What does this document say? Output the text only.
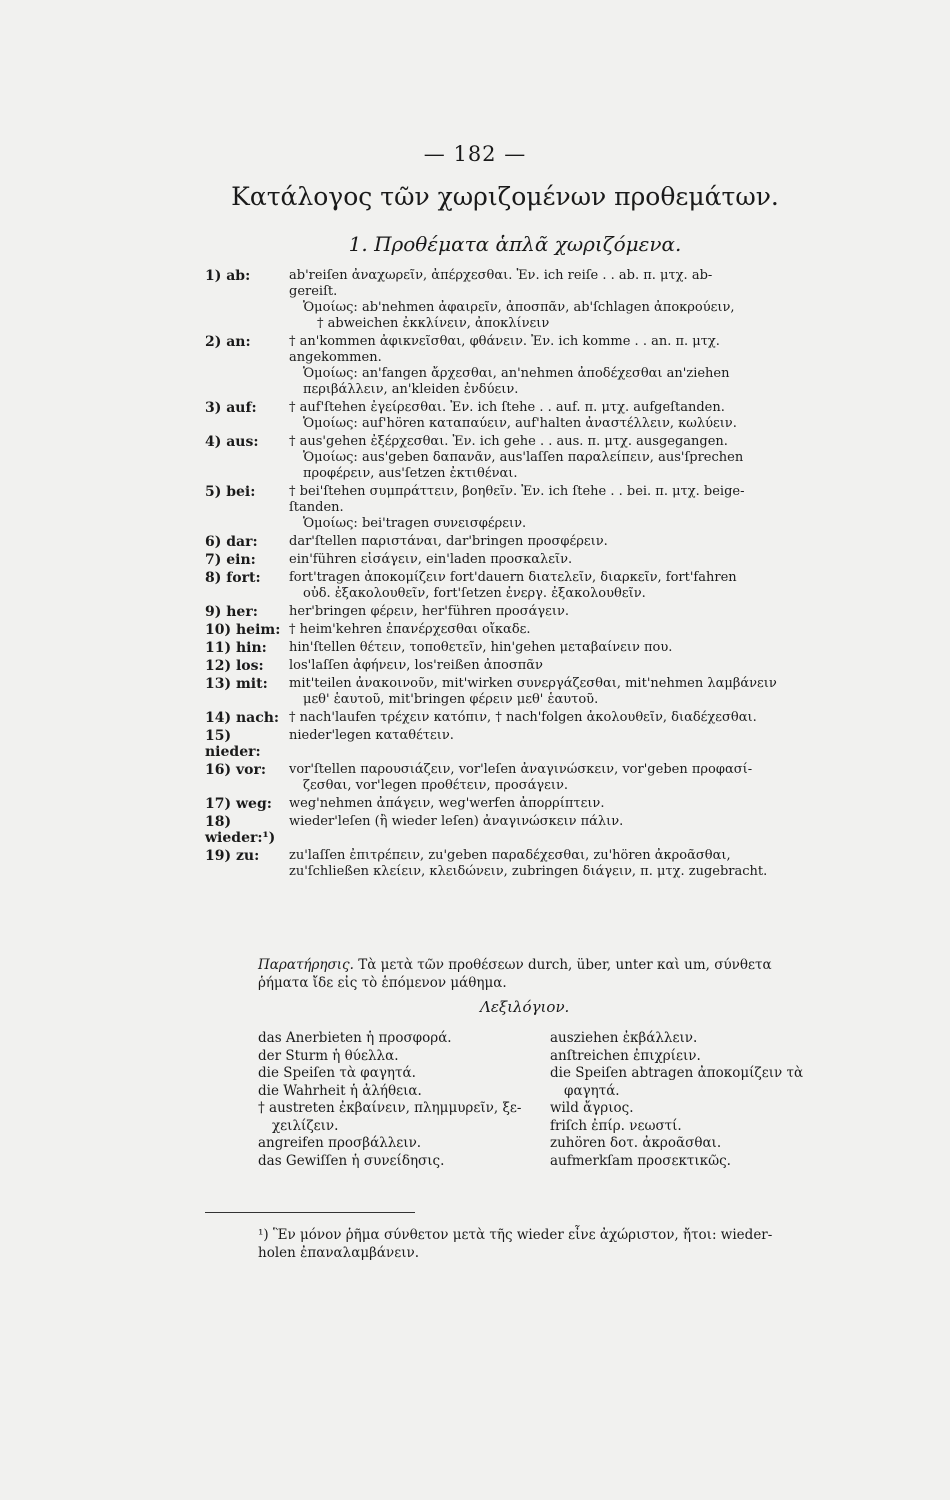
— 182 —
Κατάλογος τῶν χωριζομένων προθεμάτων.
1. Προθέματα ἁπλᾶ χωριζόμενα.
1) ab:	ab'reiſen ἀναχωρεῖν, ἀπέρχεσθαι. Ἐν. ich reiſe . . ab. π. μτχ. ab-
gereiſt.
Ὁμοίως: ab'nehmen ἀφαιρεῖν, ἀποσπᾶν, ab'ſchlagen ἀποκρούειν,
† abweichen ἐκκλίνειν, ἀποκλίνειν
2) an:	† an'kommen ἀφικνεῖσθαι, φθάνειν. Ἐν. ich komme . . an. π. μτχ.
angekommen.
Ὁμοίως: an'fangen ἄρχεσθαι, an'nehmen ἀποδέχεσθαι an'ziehen
περιβάλλειν, an'kleiden ἐνδύειν.
3) auf:	† auf'ſtehen ἐγείρεσθαι. Ἐν. ich ſtehe . . auf. π. μτχ. aufgeſtanden.
Ὁμοίως: auf'hören καταπαύειν, auf'halten ἀναστέλλειν, κωλύειν.
4) aus:	† aus'gehen ἐξέρχεσθαι. Ἐν. ich gehe . . aus. π. μτχ. ausgegangen.
Ὁμοίως: aus'geben δαπανᾶν, aus'laſſen παραλείπειν, aus'ſprechen
προφέρειν, aus'ſetzen ἐκτιθέναι.
5) bei:	† bei'ſtehen συμπράττειν, βοηθεῖν. Ἐν. ich ſtehe . . bei. π. μτχ. beige-
ſtanden.
Ὁμοίως: bei'tragen συνεισφέρειν.
6) dar:	dar'ſtellen παριστάναι, dar'bringen προσφέρειν.
7) ein:	ein'führen εἰσάγειν, ein'laden προσκαλεῖν.
8) fort:	fort'tragen ἀποκομίζειν fort'dauern διατελεῖν, διαρκεῖν, fort'fahren
οὐδ. ἐξακολουθεῖν, fort'ſetzen ἐνεργ. ἐξακολουθεῖν.
9) her:	her'bringen φέρειν, her'führen προσάγειν.
10) heim: † heim'kehren ἐπανέρχεσθαι οἴκαδε.
11) hin:	hin'ſtellen θέτειν, τοποθετεῖν, hin'gehen μεταβαίνειν που.
12) los:	los'laſſen ἀφήνειν, los'reißen ἀποσπᾶν
13) mit:	mit'teilen ἀνακοινοῦν, mit'wirken συνεργάζεσθαι, mit'nehmen λαμβάνειν
μεθ' ἑαυτοῦ, mit'bringen φέρειν μεθ' ἑαυτοῦ.
14) nach: † nach'laufen τρέχειν κατόπιν, † nach'folgen ἀκολουθεῖν, διαδέχεσθαι.
15) nieder:
nieder'legen καταθέτειν.
16) vor:	vor'ſtellen παρουσιάζειν, vor'leſen ἀναγινώσκειν, vor'geben προφασί-
ζεσθαι, vor'legen προθέτειν, προσάγειν.
17) weg:	weg'nehmen ἀπάγειν, weg'werfen ἀπορρίπτειν.
18) wieder:¹)
wieder'leſen (ἢ wieder leſen) ἀναγινώσκειν πάλιν.
19) zu:	zu'laſſen ἐπιτρέπειν, zu'geben παραδέχεσθαι, zu'hören ἀκροᾶσθαι,
zu'ſchließen κλείειν, κλειδώνειν, zubringen διάγειν, π. μτχ. zugebracht.
Παρατήρησις. Τὰ μετὰ τῶν προθέσεων durch, über, unter καὶ um, σύνθετα
ῥήματα ἴδε εἰς τὸ ἑπόμενον μάθημα.
Λεξιλόγιον.
das Anerbieten ἡ προσφορά.
der Sturm ἡ θύελλα.
die Speiſen τὰ φαγητά.
die Wahrheit ἡ ἀλήθεια.
† austreten ἐκβαίνειν, πλημμυρεῖν, ξε-
χειλίζειν.
angreifen προσβάλλειν.
das Gewiſſen ἡ συνείδησις.
ausziehen ἐκβάλλειν.
anſtreichen ἐπιχρίειν.
die Speiſen abtragen ἀποκομίζειν τὰ
φαγητά.
wild ἄγριος.
friſch ἐπίρ. νεωστί.
zuhören δοτ. ἀκροᾶσθαι.
aufmerkſam προσεκτικῶς.
¹) Ἓν μόνον ῥῆμα σύνθετον μετὰ τῆς wieder εἶνε ἀχώριστον, ἤτοι: wieder-
holen ἐπαναλαμβάνειν.
